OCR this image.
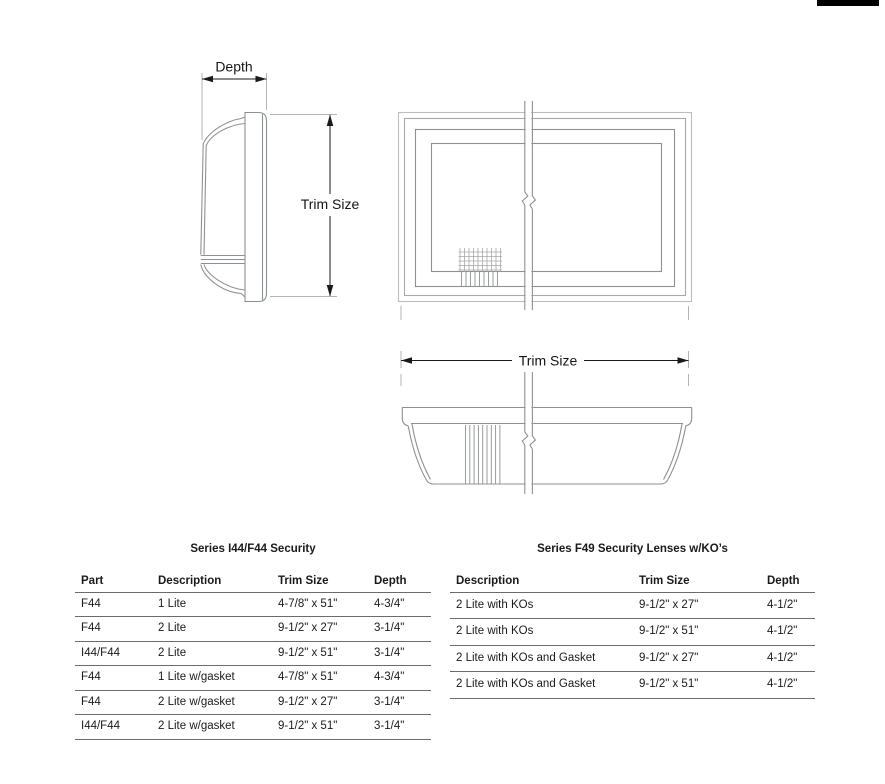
Depth
Trim Size
Trim Size

Series I44/F44 Security

Part	Description	Trim Size	Depth
F44	1 Lite	4-7/8" x 51"	4-3/4"
F44	2 Lite	9-1/2" x 27"	3-1/4"
I44/F44	2 Lite	9-1/2" x 51"	3-1/4"
F44	1 Lite w/gasket	4-7/8" x 51"	4-3/4"
F44	2 Lite w/gasket	9-1/2" x 27"	3-1/4"
I44/F44	2 Lite w/gasket	9-1/2" x 51"	3-1/4"

Series F49 Security Lenses w/KO’s

Description	Trim Size	Depth
2 Lite with KOs	9-1/2" x 27"	4-1/2"
2 Lite with KOs	9-1/2" x 51"	4-1/2"
2 Lite with KOs and Gasket	9-1/2" x 27"	4-1/2"
2 Lite with KOs and Gasket	9-1/2" x 51"	4-1/2"
